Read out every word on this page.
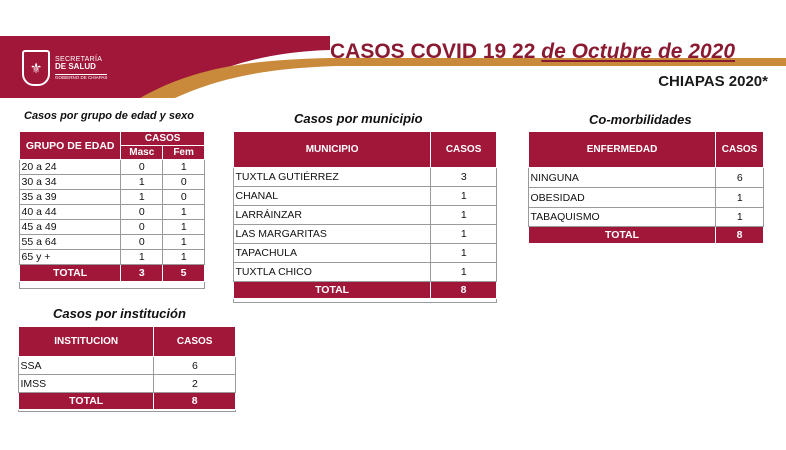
⚜
SECRETARÍA
DE SALUD
GOBIERNO DE CHIAPAS
CASOS COVID 19 22 de Octubre de 2020
CHIAPAS 2020*
Casos por grupo de edad y sexo
GRUPO DE EDAD	CASOS	
	Masc	Fem
20 a 24	0	1
30 a 34	1	0
35 a 39	1	0
40 a 44	0	1
45 a 49	0	1
55 a 64	0	1
65 y +	1	1
TOTAL	3	5
Casos por municipio
MUNICIPIO	CASOS
TUXTLA GUTIÉRREZ	3
CHANAL	1
LARRÁINZAR	1
LAS MARGARITAS	1
TAPACHULA	1
TUXTLA CHICO	1
TOTAL	8
Co-morbilidades
ENFERMEDAD	CASOS
NINGUNA	6
OBESIDAD	1
TABAQUISMO	1
TOTAL	8
Casos por institución
INSTITUCION	CASOS
SSA	6
IMSS	2
TOTAL	8
